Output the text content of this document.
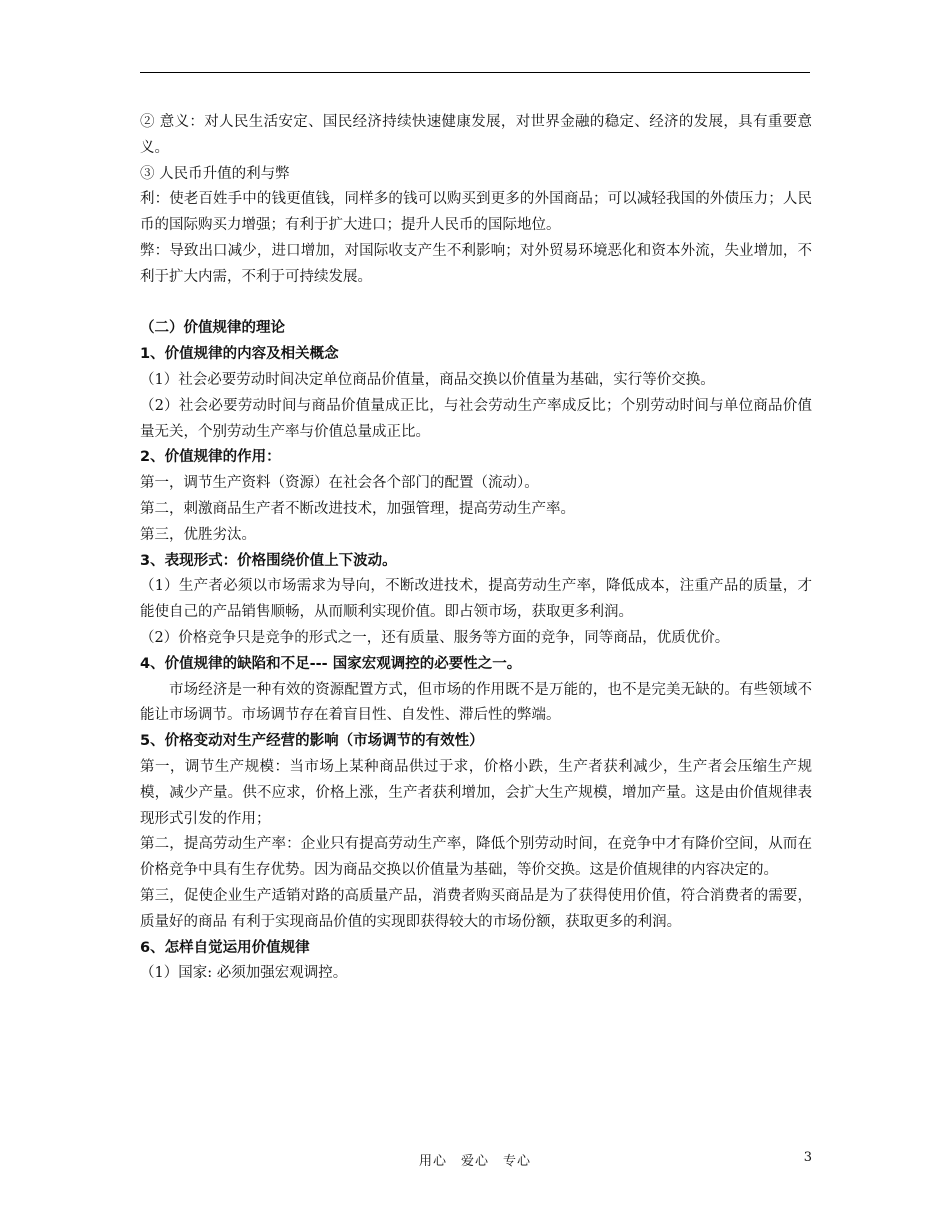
② 意义：对人民生活安定、国民经济持续快速健康发展，对世界金融的稳定、经济的发展，具有重要意义。

③ 人民币升值的利与弊

利：使老百姓手中的钱更值钱，同样多的钱可以购买到更多的外国商品；可以减轻我国的外债压力；人民币的国际购买力增强；有利于扩大进口；提升人民币的国际地位。

弊：导致出口减少，进口增加，对国际收支产生不利影响；对外贸易环境恶化和资本外流，失业增加，不利于扩大内需，不利于可持续发展。

（二）价值规律的理论

1、价值规律的内容及相关概念

（1）社会必要劳动时间决定单位商品价值量，商品交换以价值量为基础，实行等价交换。

（2）社会必要劳动时间与商品价值量成正比，与社会劳动生产率成反比；个别劳动时间与单位商品价值量无关，个别劳动生产率与价值总量成正比。

2、价值规律的作用：

第一，调节生产资料（资源）在社会各个部门的配置（流动）。

第二，刺激商品生产者不断改进技术，加强管理，提高劳动生产率。

第三，优胜劣汰。

3、表现形式：价格围绕价值上下波动。

（1）生产者必须以市场需求为导向，不断改进技术，提高劳动生产率，降低成本，注重产品的质量，才能使自己的产品销售顺畅，从而顺利实现价值。即占领市场，获取更多利润。

（2）价格竞争只是竞争的形式之一，还有质量、服务等方面的竞争，同等商品，优质优价。

4、价值规律的缺陷和不足--- 国家宏观调控的必要性之一。

市场经济是一种有效的资源配置方式，但市场的作用既不是万能的，也不是完美无缺的。有些领域不能让市场调节。市场调节存在着盲目性、自发性、滞后性的弊端。

5、价格变动对生产经营的影响（市场调节的有效性）

第一，调节生产规模：当市场上某种商品供过于求，价格小跌，生产者获利减少，生产者会压缩生产规模，减少产量。供不应求，价格上涨，生产者获利增加，会扩大生产规模，增加产量。这是由价值规律表现形式引发的作用；

第二，提高劳动生产率：企业只有提高劳动生产率，降低个别劳动时间，在竞争中才有降价空间，从而在价格竞争中具有生存优势。因为商品交换以价值量为基础，等价交换。这是价值规律的内容决定的。

第三，促使企业生产适销对路的高质量产品，消费者购买商品是为了获得使用价值，符合消费者的需要，质量好的商品 有利于实现商品价值的实现即获得较大的市场份额，获取更多的利润。

6、怎样自觉运用价值规律

（1）国家: 必须加强宏观调控。

用心　爱心　专心	3
